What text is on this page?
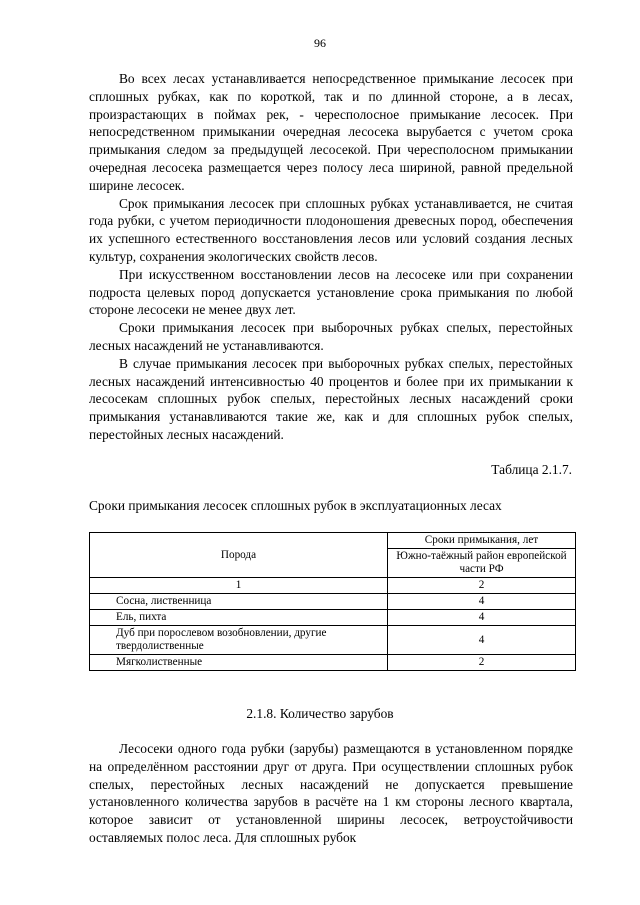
96

Во всех лесах устанавливается непосредственное примыкание лесосек при сплошных рубках, как по короткой, так и по длинной стороне, а в лесах, произрастающих в поймах рек, - чересполосное примыкание лесосек. При непосредственном примыкании очередная лесосека вырубается с учетом срока примыкания следом за предыдущей лесосекой. При чересполосном примыкании очередная лесосека размещается через полосу леса шириной, равной предельной ширине лесосек.

Срок примыкания лесосек при сплошных рубках устанавливается, не считая года рубки, с учетом периодичности плодоношения древесных пород, обеспечения их успешного естественного восстановления лесов или условий создания лесных культур, сохранения экологических свойств лесов.

При искусственном восстановлении лесов на лесосеке или при сохранении подроста целевых пород допускается установление срока примыкания по любой стороне лесосеки не менее двух лет.

Сроки примыкания лесосек при выборочных рубках спелых, перестойных лесных насаждений не устанавливаются.

В случае примыкания лесосек при выборочных рубках спелых, перестойных лесных насаждений интенсивностью 40 процентов и более при их примыкании к лесосекам сплошных рубок спелых, перестойных лесных насаждений сроки примыкания устанавливаются такие же, как и для сплошных рубок спелых, перестойных лесных насаждений.

Таблица 2.1.7.
Сроки примыкания лесосек сплошных рубок в эксплуатационных лесах
Порода	Сроки примыкания, лет
	Южно-таёжный район европейской части РФ
1	2
Сосна, лиственница	4
Ель, пихта	4
Дуб при порослевом возобновлении, другие твердолиственные	4
Мягколиственные	2
2.1.8. Количество зарубов

Лесосеки одного года рубки (зарубы) размещаются в установленном порядке на определённом расстоянии друг от друга. При осуществлении сплошных рубок спелых, перестойных лесных насаждений не допускается превышение установленного количества зарубов в расчёте на 1 км стороны лесного квартала, которое зависит от установленной ширины лесосек, ветроустойчивости оставляемых полос леса. Для сплошных рубок
